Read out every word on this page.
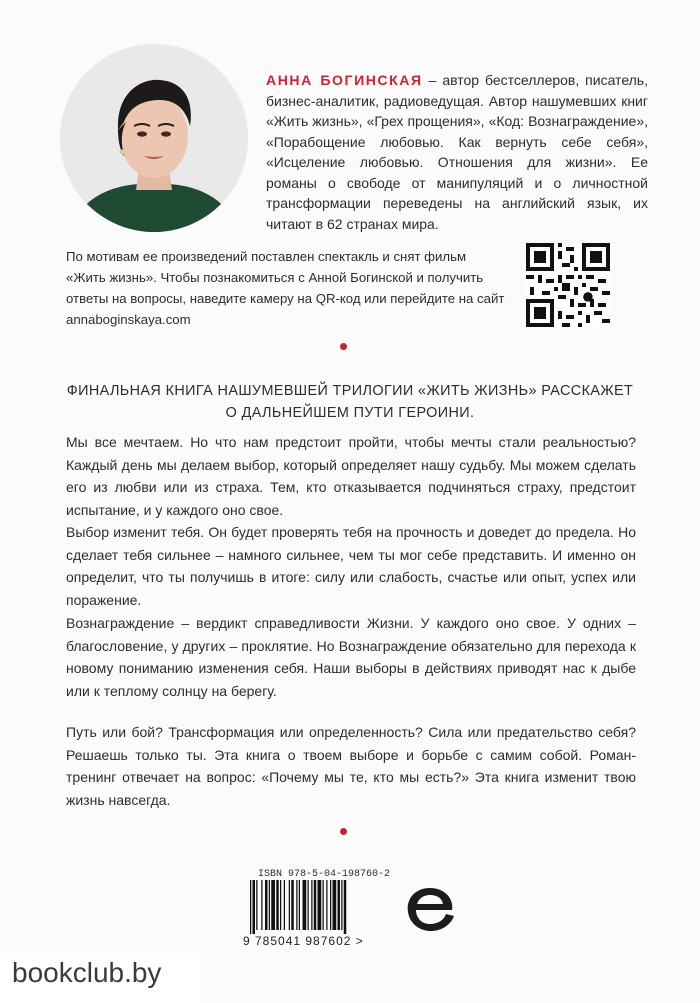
АННА БОГИНСКАЯ – автор бестселлеров, писатель, бизнес-аналитик, радиоведущая. Автор нашумевших книг «Жить жизнь», «Грех прощения», «Код: Вознаграждение», «Порабощение любовью. Как вернуть себе себя», «Исцеление любовью. Отношения для жизни». Ее романы о свободе от манипуляций и о личностной трансформации переведены на английский язык, их читают в 62 странах мира.
По мотивам ее произведений поставлен спектакль и снят фильм «Жить жизнь». Чтобы познакомиться с Анной Богинской и получить ответы на вопросы, наведите камеру на QR-код или перейдите на сайт annaboginskaya.com
ФИНАЛЬНАЯ КНИГА НАШУМЕВШЕЙ ТРИЛОГИИ «ЖИТЬ ЖИЗНЬ» РАССКАЖЕТ О ДАЛЬНЕЙШЕМ ПУТИ ГЕРОИНИ.
Мы все мечтаем. Но что нам предстоит пройти, чтобы мечты стали реальностью? Каждый день мы делаем выбор, который определяет нашу судьбу. Мы можем сделать его из любви или из страха. Тем, кто отказывается подчиняться страху, предстоит испытание, и у каждого оно свое.
Выбор изменит тебя. Он будет проверять тебя на прочность и доведет до предела. Но сделает тебя сильнее – намного сильнее, чем ты мог себе представить. И именно он определит, что ты получишь в итоге: силу или слабость, счастье или опыт, успех или поражение.
Вознаграждение – вердикт справедливости Жизни. У каждого оно свое. У одних – благословение, у других – проклятие. Но Вознаграждение обязательно для перехода к новому пониманию изменения себя. Наши выборы в действиях приводят нас к дыбе или к теплому солнцу на берегу.
Путь или бой? Трансформация или определенность? Сила или предательство себя? Решаешь только ты. Эта книга о твоем выборе и борьбе с самим собой. Роман-тренинг отвечает на вопрос: «Почему мы те, кто мы есть?» Эта книга изменит твою жизнь навсегда.
ISBN 978-5-04-198760-2
9 785041 987602 >
bookclub.by
